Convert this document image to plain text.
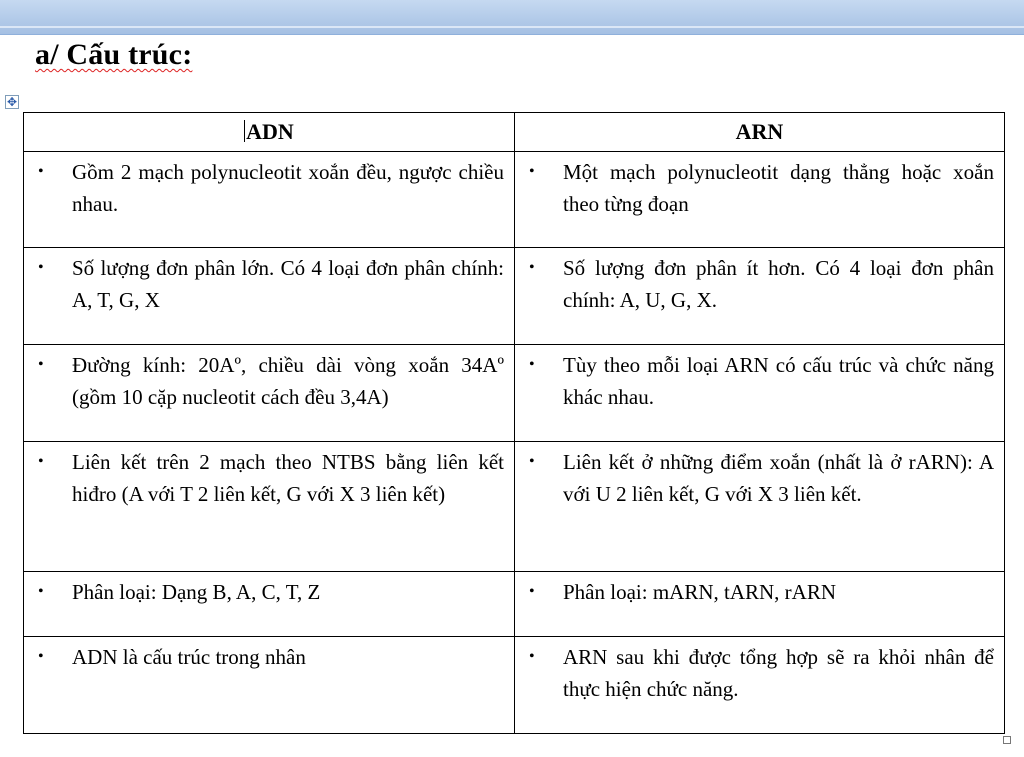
a/ Cấu trúc:
✥
ADN	ARN

• Gồm 2 mạch polynucleotit xoắn đều, ngược chiều nhau.	• Một mạch polynucleotit dạng thẳng hoặc xoắn theo từng đoạn

• Số lượng đơn phân lớn. Có 4 loại đơn phân chính: A, T, G, X	• Số lượng đơn phân ít hơn. Có 4 loại đơn phân chính: A, U, G, X.

• Đường kính: 20Aº, chiều dài vòng xoắn 34Aº (gồm 10 cặp nucleotit cách đều 3,4A)	• Tùy theo mỗi loại ARN có cấu trúc và chức năng khác nhau.

• Liên kết trên 2 mạch theo NTBS bằng liên kết hiđro (A với T 2 liên kết, G với X 3 liên kết)	• Liên kết ở những điểm xoắn (nhất là ở rARN): A với U 2 liên kết, G với X 3 liên kết.

• Phân loại: Dạng B, A, C, T, Z	• Phân loại: mARN, tARN, rARN

• ADN là cấu trúc trong nhân	• ARN sau khi được tổng hợp sẽ ra khỏi nhân để thực hiện chức năng.
